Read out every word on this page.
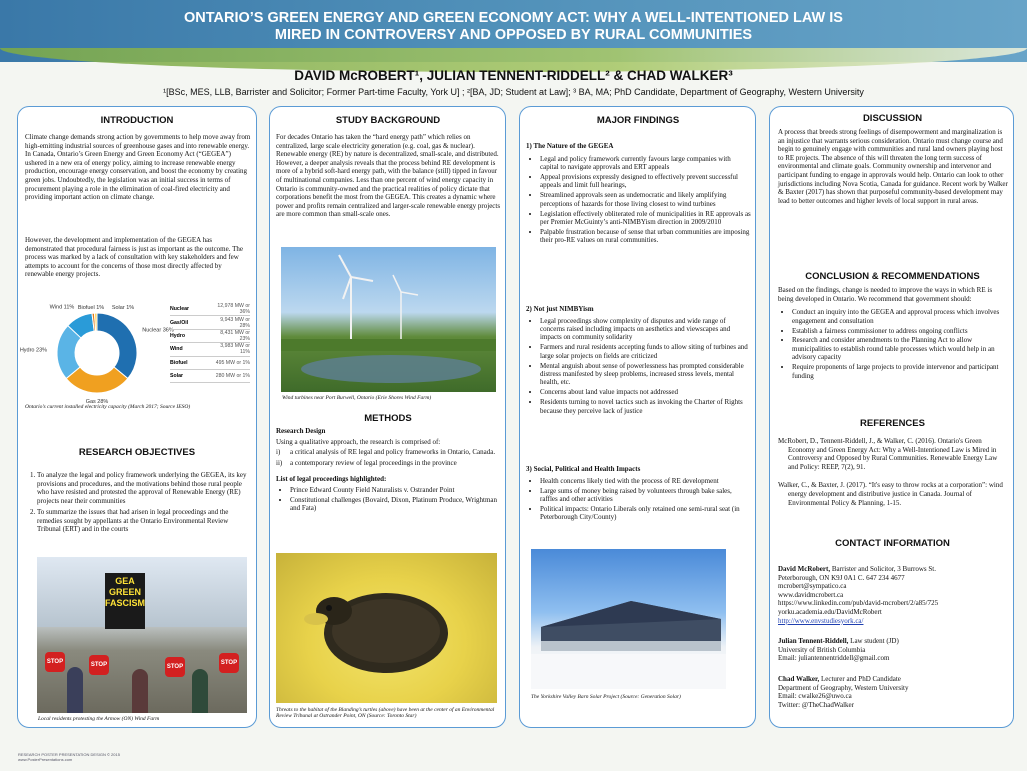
ONTARIO’S GREEN ENERGY AND GREEN ECONOMY ACT: WHY A WELL-INTENTIONED LAW IS
MIRED IN CONTROVERSY AND OPPOSED BY RURAL COMMUNITIES
DAVID McROBERT¹, JULIAN TENNENT-RIDDELL² & CHAD WALKER³
¹[BSc, MES, LLB, Barrister and Solicitor; Former Part-time Faculty, York U] ; ²[BA, JD; Student at Law]; ³ BA, MA; PhD Candidate, Department of Geography, Western University

INTRODUCTION

Climate change demands strong action by governments to help move away from high-emitting industrial sources of greenhouse gases and into renewable energy. In Canada, Ontario’s Green Energy and Green Economy Act (“GEGEA”) ushered in a new era of energy policy, aiming to increase renewable energy production, encourage energy conservation, and boost the economy by creating green jobs. Undoubtedly, the legislation was an initial success in terms of procurement playing a role in the elimination of coal-fired electricity and providing important action on climate change.

However, the development and implementation of the GEGEA has demonstrated that procedural fairness is just as important as the outcome. The process was marked by a lack of consultation with key stakeholders and few attempts to account for the concerns of those most directly affected by renewable energy projects.

Nuclear 36%
Gas 28%
Hydro 23%
Wind 11% Biofuel 1% Solar 1%	Nuclear	12,978 MW or 36%
Gas/Oil	9,943 MW or 28%
Hydro	8,431 MW or 23%
Wind	3,983 MW or 11%
Biofuel	495 MW or 1%
Solar	280 MW or 1%
Ontario’s current installed electricity capacity (March 2017; Source IESO)

RESEARCH OBJECTIVES

1. To analyze the legal and policy framework underlying the GEGEA, its key provisions and procedures, and the motivations behind those rural people who have resisted and protested the approval of Renewable Energy (RE) projects near their communities
2. To summarize the issues that had arisen in legal proceedings and the remedies sought by appellants at the Ontario Environmental Review Tribunal (ERT) and in the courts
GEA GREEN FASCISM
STOP	STOP	STOP
STOP
Local residents protesting the Armow (ON) Wind Farm

STUDY BACKGROUND

For decades Ontario has taken the “hard energy path” which relies on centralized, large scale electricity generation (e.g. coal, gas & nuclear). Renewable energy (RE) by nature is decentralized, small-scale, and distributed. However, a deeper analysis reveals that the process behind RE development is more of a hybrid soft-hard energy path, with the balance (still) tipped in favour of multinational companies. Less than one percent of wind energy capacity in Ontario is community-owned and the practical realities of policy dictate that corporations benefit the most from the GEGEA. This creates a dynamic where power and profits remain centralized and larger-scale renewable energy projects are more common than small-scale ones.

Wind turbines near Port Burwell, Ontario (Erie Shores Wind Farm)

METHODS

Research Design

Using a qualitative approach, the research is comprised of:

i)	a critical analysis of RE legal and policy frameworks in Ontario, Canada.
ii)	a contemporary review of legal proceedings in the province

List of legal proceedings highlighted:

• Prince Edward County Field Naturalists v. Ostrander Point
• Constitutional challenges (Bovaird, Dixon, Platinum Produce, Wrightman and Fata)
Threats to the habitat of the Blanding’s turtles (above) have been at the center of an Environmental Review Tribunal at Ostrander Point, ON (Source: Toronto Star)

MAJOR FINDINGS

1) The Nature of the GEGEA

• Legal and policy framework currently favours large companies with capital to navigate approvals and ERT appeals
• Appeal provisions expressly designed to effectively prevent successful appeals and limit full hearings,
• Streamlined approvals seen as undemocratic and likely amplifying perceptions of hazards for those living closest to wind turbines
• Legislation effectively obliterated role of municipalities in RE approvals as per Premier McGuinty’s anti-NIMBYism direction in 2009/2010
• Palpable frustration because of sense that urban communities are imposing their pro-RE values on rural communities.

2) Not just NIMBYism

• Legal proceedings show complexity of disputes and wide range of concerns raised including impacts on aesthetics and viewscapes and impacts on community solidarity
• Farmers and rural residents accepting funds to allow siting of turbines and large solar projects on fields are criticized
• Mental anguish about sense of powerlessness has prompted considerable distress manifested by sleep problems, increased stress levels, mental health, etc.
• Concerns about land value impacts not addressed
• Residents turning to novel tactics such as invoking the Charter of Rights because they perceive lack of justice

3) Social, Political and Health Impacts

• Health concerns likely tied with the process of RE development
• Large sums of money being raised by volunteers through bake sales, raffles and other activities
• Political impacts: Ontario Liberals only retained one semi-rural seat (in Peterborough City/County)
The Yorkshire Valley Barn Solar Project (Source: Generation Solar)

DISCUSSION

A process that breeds strong feelings of disempowerment and marginalization is an injustice that warrants serious consideration. Ontario must change course and begin to genuinely engage with communities and rural land owners playing host to RE projects. The absence of this will threaten the long term success of environmental and climate goals. Community ownership and intervenor and participant funding to engage in approvals would help. Ontario can look to other jurisdictions including Nova Scotia, Canada for guidance. Recent work by Walker & Baxter (2017) has shown that purposeful community-based development may lead to better outcomes and higher levels of local support in rural areas.

CONCLUSION & RECOMMENDATIONS

Based on the findings, change is needed to improve the ways in which RE is being developed in Ontario. We recommend that government should:

• Conduct an inquiry into the GEGEA and approval process which involves engagement and consultation
• Establish a fairness commissioner to address ongoing conflicts
• Research and consider amendments to the Planning Act to allow municipalities to establish round table processes which would help in an advisory capacity
• Require proponents of large projects to provide intervenor and participant funding

REFERENCES

McRobert, D., Tennent-Riddell, J., & Walker, C. (2016). Ontario's Green Economy and Green Energy Act: Why a Well-Intentioned Law is Mired in Controversy and Opposed by Rural Communities. Renewable Energy Law and Policy: REEP, 7(2), 91.

Walker, C., & Baxter, J. (2017). “It's easy to throw rocks at a corporation”: wind energy development and distributive justice in Canada. Journal of Environmental Policy & Planning, 1-15.

CONTACT INFORMATION

David McRobert, Barrister and Solicitor, 3 Burrows St.

Peterborough, ON K9J 0A1 C. 647 234 4677

mcrobert@sympatico.ca

www.davidmcrobert.ca

https://www.linkedin.com/pub/david-mcrobert/2/a85/725

yorku.academia.edu/DavidMcRobert

http://www.envstudiesyork.ca/

Julian Tennent-Riddell, Law student (JD)

University of British Columbia

Email: juliantennentriddell@gmail.com

Chad Walker, Lecturer and PhD Candidate

Department of Geography, Western University

Email: cwalke26@uwo.ca

Twitter: @TheChadWalker

RESEARCH POSTER PRESENTATION DESIGN © 2015
www.PosterPresentations.com
